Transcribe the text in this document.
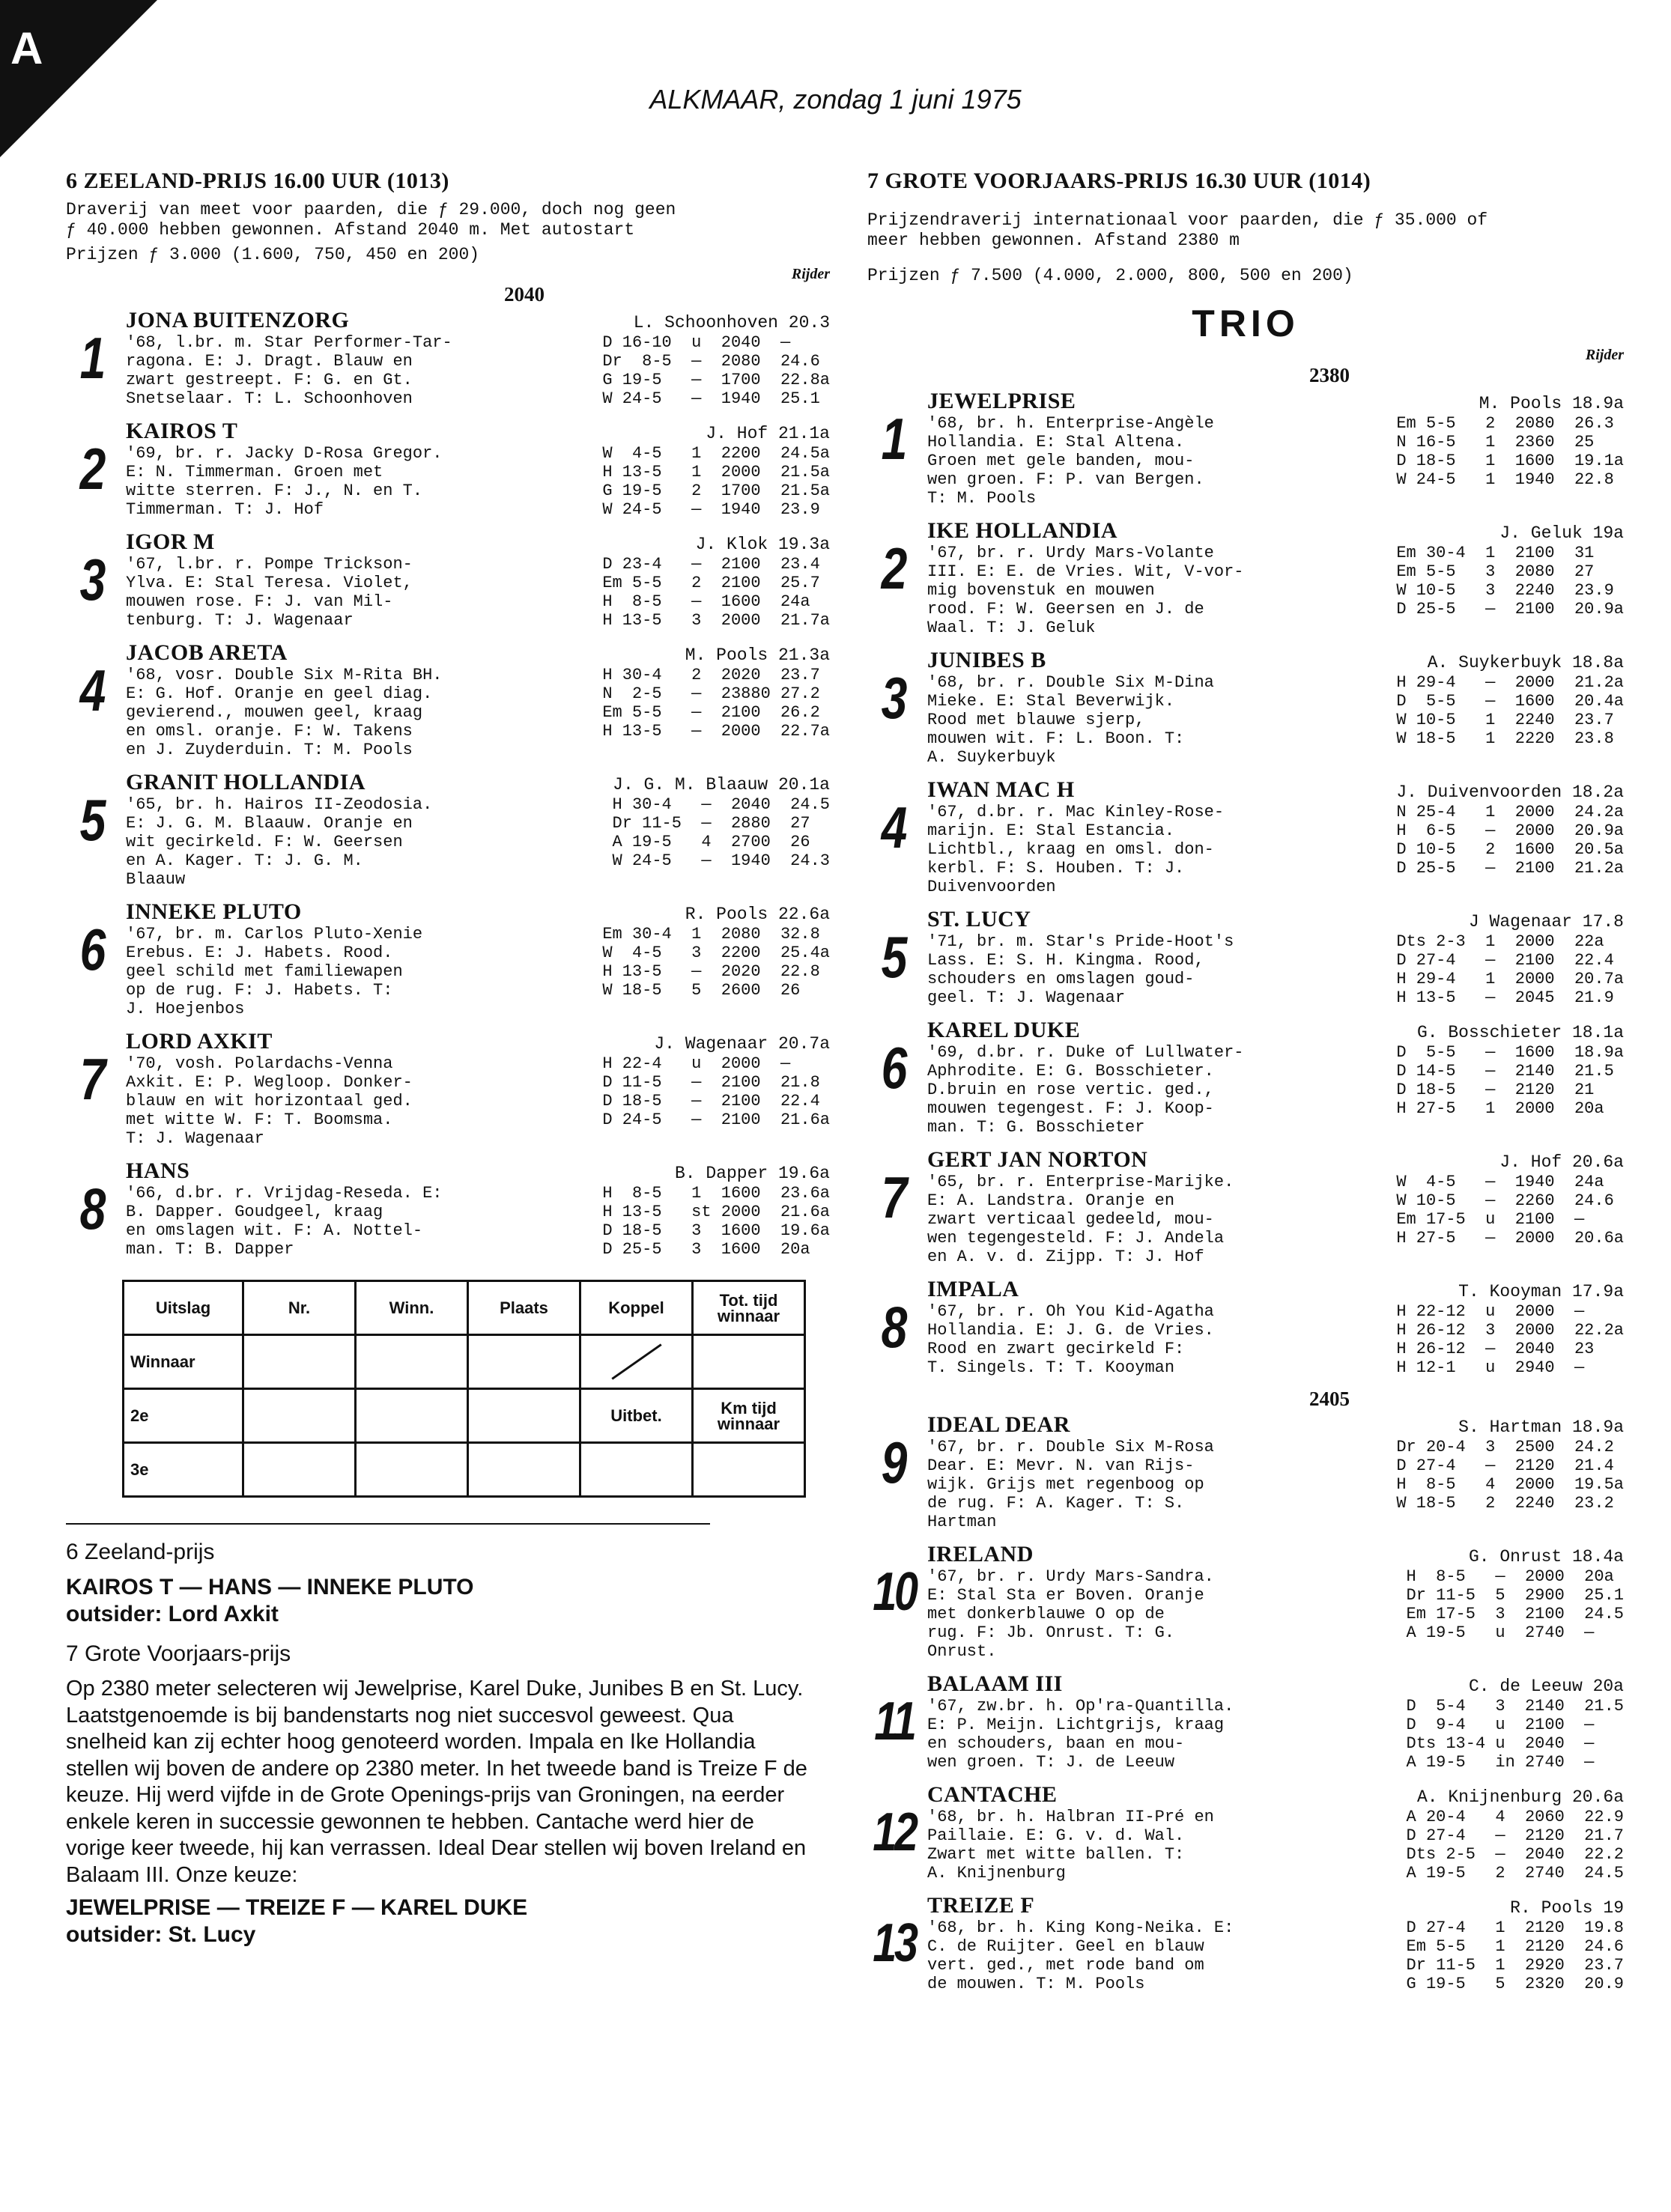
A
ALKMAAR, zondag 1 juni 1975
6 ZEELAND-PRIJS 16.00 UUR (1013)
Draverij van meet voor paarden, die ƒ 29.000, doch nog geen
ƒ 40.000 hebben gewonnen. Afstand 2040 m. Met autostart
Prijzen ƒ 3.000 (1.600, 750, 450 en 200)
Rijder
2040
1
JONA BUITENZORG	L. Schoonhoven 20.3
'68, l.br. m. Star Performer-Tar-
ragona. E: J. Dragt. Blauw en
zwart gestreept. F: G. en Gt.
Snetselaar. T: L. Schoonhoven
D 16-10  u  2040  —
Dr  8-5  —  2080  24.6
G 19-5   —  1700  22.8a
W 24-5   —  1940  25.1
2
KAIROS T	J. Hof 21.1a
'69, br. r. Jacky D-Rosa Gregor.
E: N. Timmerman. Groen met
witte sterren. F: J., N. en T.
Timmerman. T: J. Hof
W  4-5   1  2200  24.5a
H 13-5   1  2000  21.5a
G 19-5   2  1700  21.5a
W 24-5   —  1940  23.9
3
IGOR M	J. Klok 19.3a
'67, l.br. r. Pompe Trickson-
Ylva. E: Stal Teresa. Violet,
mouwen rose. F: J. van Mil-
tenburg. T: J. Wagenaar
D 23-4   —  2100  23.4
Em 5-5   2  2100  25.7
H  8-5   —  1600  24a
H 13-5   3  2000  21.7a
4
JACOB ARETA	M. Pools 21.3a
'68, vosr. Double Six M-Rita BH.
E: G. Hof. Oranje en geel diag.
gevierend., mouwen geel, kraag
en omsl. oranje. F: W. Takens
en J. Zuyderduin. T: M. Pools
H 30-4   2  2020  23.7
N  2-5   —  23880 27.2
Em 5-5   —  2100  26.2
H 13-5   —  2000  22.7a
5
GRANIT HOLLANDIA	J. G. M. Blaauw 20.1a
'65, br. h. Hairos II-Zeodosia.
E: J. G. M. Blaauw. Oranje en
wit gecirkeld. F: W. Geersen
en A. Kager. T: J. G. M.
Blaauw
H 30-4   —  2040  24.5
Dr 11-5  —  2880  27
A 19-5   4  2700  26
W 24-5   —  1940  24.3
6
INNEKE PLUTO	R. Pools 22.6a
'67, br. m. Carlos Pluto-Xenie
Erebus. E: J. Habets. Rood.
geel schild met familiewapen
op de rug. F: J. Habets. T:
J. Hoejenbos
Em 30-4  1  2080  32.8
W  4-5   3  2200  25.4a
H 13-5   —  2020  22.8
W 18-5   5  2600  26
7
LORD AXKIT	J. Wagenaar 20.7a
'70, vosh. Polardachs-Venna
Axkit. E: P. Wegloop. Donker-
blauw en wit horizontaal ged.
met witte W. F: T. Boomsma.
T: J. Wagenaar
H 22-4   u  2000  —
D 11-5   —  2100  21.8
D 18-5   —  2100  22.4
D 24-5   —  2100  21.6a
8
HANS	B. Dapper 19.6a
'66, d.br. r. Vrijdag-Reseda. E:
B. Dapper. Goudgeel, kraag
en omslagen wit. F: A. Nottel-
man. T: B. Dapper
H  8-5   1  1600  23.6a
H 13-5   st 2000  21.6a
D 18-5   3  1600  19.6a
D 25-5   3  1600  20a
Uitslag	Nr.	Winn.	Plaats	Koppel	Tot. tijd winnaar
Winnaar				

2e				Uitbet.	Km tijd winnaar
3e					
6 Zeeland-prijs
KAIROS T — HANS — INNEKE PLUTO
outsider: Lord Axkit
7 Grote Voorjaars-prijs
Op 2380 meter selecteren wij Jewelprise, Karel Duke, Junibes B en St. Lucy. Laatstgenoemde is bij bandenstarts nog niet succesvol geweest. Qua snelheid kan zij echter hoog genoteerd worden. Impala en Ike Hollandia stellen wij boven de andere op 2380 meter. In het tweede band is Treize F de keuze. Hij werd vijfde in de Grote Openings-prijs van Groningen, na eerder enkele keren in successie gewonnen te hebben. Cantache werd hier de vorige keer tweede, hij kan verrassen. Ideal Dear stellen wij boven Ireland en Balaam III. Onze keuze:
JEWELPRISE — TREIZE F — KAREL DUKE
outsider: St. Lucy
7 GROTE VOORJAARS-PRIJS 16.30 UUR (1014)
Prijzendraverij internationaal voor paarden, die ƒ 35.000 of
meer hebben gewonnen. Afstand 2380 m
Prijzen ƒ 7.500 (4.000, 2.000, 800, 500 en 200)
TRIO
Rijder
2380
1
JEWELPRISE	M. Pools 18.9a
'68, br. h. Enterprise-Angèle
Hollandia. E: Stal Altena.
Groen met gele banden, mou-
wen groen. F: P. van Bergen.
T: M. Pools
Em 5-5   2  2080  26.3
N 16-5   1  2360  25
D 18-5   1  1600  19.1a
W 24-5   1  1940  22.8
2
IKE HOLLANDIA	J. Geluk 19a
'67, br. r. Urdy Mars-Volante
III. E: E. de Vries. Wit, V-vor-
mig bovenstuk en mouwen
rood. F: W. Geersen en J. de
Waal. T: J. Geluk
Em 30-4  1  2100  31
Em 5-5   3  2080  27
W 10-5   3  2240  23.9
D 25-5   —  2100  20.9a
3
JUNIBES B	A. Suykerbuyk 18.8a
'68, br. r. Double Six M-Dina
Mieke. E: Stal Beverwijk.
Rood met blauwe sjerp,
mouwen wit. F: L. Boon. T:
A. Suykerbuyk
H 29-4   —  2000  21.2a
D  5-5   —  1600  20.4a
W 10-5   1  2240  23.7
W 18-5   1  2220  23.8
4
IWAN MAC H	J. Duivenvoorden 18.2a
'67, d.br. r. Mac Kinley-Rose-
marijn. E: Stal Estancia.
Lichtbl., kraag en omsl. don-
kerbl. F: S. Houben. T: J.
Duivenvoorden
N 25-4   1  2000  24.2a
H  6-5   —  2000  20.9a
D 10-5   2  1600  20.5a
D 25-5   —  2100  21.2a
5
ST. LUCY	J Wagenaar 17.8
'71, br. m. Star's Pride-Hoot's
Lass. E: S. H. Kingma. Rood,
schouders en omslagen goud-
geel. T: J. Wagenaar
Dts 2-3  1  2000  22a
D 27-4   —  2100  22.4
H 29-4   1  2000  20.7a
H 13-5   —  2045  21.9
6
KAREL DUKE	G. Bosschieter 18.1a
'69, d.br. r. Duke of Lullwater-
Aphrodite. E: G. Bosschieter.
D.bruin en rose vertic. ged.,
mouwen tegengest. F: J. Koop-
man. T: G. Bosschieter
D  5-5   —  1600  18.9a
D 14-5   —  2140  21.5
D 18-5   —  2120  21
H 27-5   1  2000  20a
7
GERT JAN NORTON	J. Hof 20.6a
'65, br. r. Enterprise-Marijke.
E: A. Landstra. Oranje en
zwart verticaal gedeeld, mou-
wen tegengesteld. F: J. Andela
en A. v. d. Zijpp. T: J. Hof
W  4-5   —  1940  24a
W 10-5   —  2260  24.6
Em 17-5  u  2100  —
H 27-5   —  2000  20.6a
8
IMPALA	T. Kooyman 17.9a
'67, br. r. Oh You Kid-Agatha
Hollandia. E: J. G. de Vries.
Rood en zwart gecirkeld F:
T. Singels. T: T. Kooyman
H 22-12  u  2000  —
H 26-12  3  2000  22.2a
H 26-12  —  2040  23
H 12-1   u  2940  —
2405
9
IDEAL DEAR	S. Hartman 18.9a
'67, br. r. Double Six M-Rosa
Dear. E: Mevr. N. van Rijs-
wijk. Grijs met regenboog op
de rug. F: A. Kager. T: S.
Hartman
Dr 20-4  3  2500  24.2
D 27-4   —  2120  21.4
H  8-5   4  2000  19.5a
W 18-5   2  2240  23.2
10
IRELAND	G. Onrust 18.4a
'67, br. r. Urdy Mars-Sandra.
E: Stal Sta er Boven. Oranje
met donkerblauwe O op de
rug. F: Jb. Onrust. T: G.
Onrust.
H  8-5   —  2000  20a
Dr 11-5  5  2900  25.1
Em 17-5  3  2100  24.5
A 19-5   u  2740  —
11
BALAAM III	C. de Leeuw 20a
'67, zw.br. h. Op'ra-Quantilla.
E: P. Meijn. Lichtgrijs, kraag
en schouders, baan en mou-
wen groen. T: J. de Leeuw
D  5-4   3  2140  21.5
D  9-4   u  2100  —
Dts 13-4 u  2040  —
A 19-5   in 2740  —
12
CANTACHE	A. Knijnenburg 20.6a
'68, br. h. Halbran II-Pré en
Paillaie. E: G. v. d. Wal.
Zwart met witte ballen. T:
A. Knijnenburg
A 20-4   4  2060  22.9
D 27-4   —  2120  21.7
Dts 2-5  —  2040  22.2
A 19-5   2  2740  24.5
13
TREIZE F	R. Pools 19
'68, br. h. King Kong-Neika. E:
C. de Ruijter. Geel en blauw
vert. ged., met rode band om
de mouwen. T: M. Pools
D 27-4   1  2120  19.8
Em 5-5   1  2120  24.6
Dr 11-5  1  2920  23.7
G 19-5   5  2320  20.9
